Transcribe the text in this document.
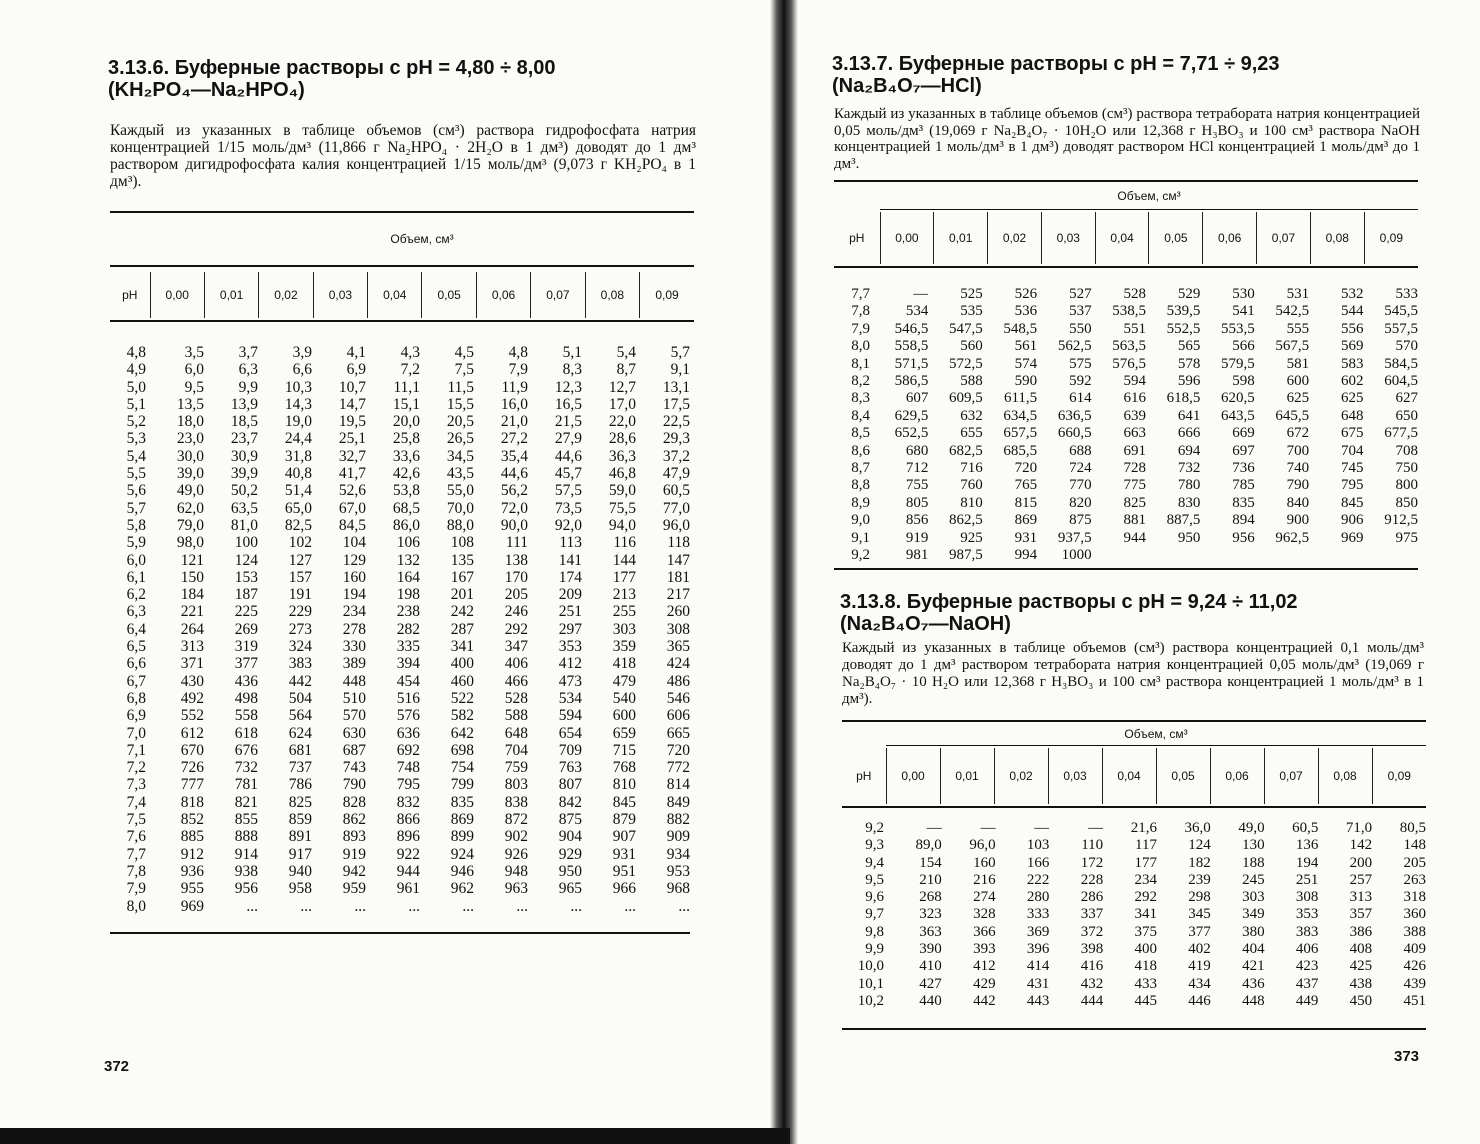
3.13.6. Буферные растворы с pH = 4,80 ÷ 8,00
(KH₂PO₄—Na₂HPO₄)
Каждый из указанных в таблице объемов (см³) раствора гидрофосфата натрия концентрацией 1/15 моль/дм³ (11,866 г Na₂HPO₄ · 2H₂O в 1 дм³) доводят до 1 дм³ раствором дигидрофосфата калия концентрацией 1/15 моль/дм³ (9,073 г KH₂PO₄ в 1 дм³).
Объем, см³
pH	0,00	0,01	0,02	0,03	0,04	0,05	0,06	0,07	0,08	0,09
4,8	3,5	3,7	3,9	4,1	4,3	4,5	4,8	5,1	5,4	5,7
4,9	6,0	6,3	6,6	6,9	7,2	7,5	7,9	8,3	8,7	9,1
5,0	9,5	9,9	10,3	10,7	11,1	11,5	11,9	12,3	12,7	13,1
5,1	13,5	13,9	14,3	14,7	15,1	15,5	16,0	16,5	17,0	17,5
5,2	18,0	18,5	19,0	19,5	20,0	20,5	21,0	21,5	22,0	22,5
5,3	23,0	23,7	24,4	25,1	25,8	26,5	27,2	27,9	28,6	29,3
5,4	30,0	30,9	31,8	32,7	33,6	34,5	35,4	44,6	36,3	37,2
5,5	39,0	39,9	40,8	41,7	42,6	43,5	44,6	45,7	46,8	47,9
5,6	49,0	50,2	51,4	52,6	53,8	55,0	56,2	57,5	59,0	60,5
5,7	62,0	63,5	65,0	67,0	68,5	70,0	72,0	73,5	75,5	77,0
5,8	79,0	81,0	82,5	84,5	86,0	88,0	90,0	92,0	94,0	96,0
5,9	98,0	100	102	104	106	108	111	113	116	118
6,0	121	124	127	129	132	135	138	141	144	147
6,1	150	153	157	160	164	167	170	174	177	181
6,2	184	187	191	194	198	201	205	209	213	217
6,3	221	225	229	234	238	242	246	251	255	260
6,4	264	269	273	278	282	287	292	297	303	308
6,5	313	319	324	330	335	341	347	353	359	365
6,6	371	377	383	389	394	400	406	412	418	424
6,7	430	436	442	448	454	460	466	473	479	486
6,8	492	498	504	510	516	522	528	534	540	546
6,9	552	558	564	570	576	582	588	594	600	606
7,0	612	618	624	630	636	642	648	654	659	665
7,1	670	676	681	687	692	698	704	709	715	720
7,2	726	732	737	743	748	754	759	763	768	772
7,3	777	781	786	790	795	799	803	807	810	814
7,4	818	821	825	828	832	835	838	842	845	849
7,5	852	855	859	862	866	869	872	875	879	882
7,6	885	888	891	893	896	899	902	904	907	909
7,7	912	914	917	919	922	924	926	929	931	934
7,8	936	938	940	942	944	946	948	950	951	953
7,9	955	956	958	959	961	962	963	965	966	968
8,0	969	...	...	...	...	...	...	...	...	...
372
3.13.7. Буферные растворы с pH = 7,71 ÷ 9,23
(Na₂B₄O₇—HCl)
Каждый из указанных в таблице объемов (см³) раствора тетрабората натрия концентрацией 0,05 моль/дм³ (19,069 г Na₂B₄O₇ · 10H₂O или 12,368 г H₃BO₃ и 100 см³ раствора NaOH концентрацией 1 моль/дм³ в 1 дм³) доводят раствором HCl концентрацией 1 моль/дм³ до 1 дм³.
Объем, см³
pH	0,00	0,01	0,02	0,03	0,04	0,05	0,06	0,07	0,08	0,09
7,7	—	525	526	527	528	529	530	531	532	533
7,8	534	535	536	537	538,5	539,5	541	542,5	544	545,5
7,9	546,5	547,5	548,5	550	551	552,5	553,5	555	556	557,5
8,0	558,5	560	561	562,5	563,5	565	566	567,5	569	570
8,1	571,5	572,5	574	575	576,5	578	579,5	581	583	584,5
8,2	586,5	588	590	592	594	596	598	600	602	604,5
8,3	607	609,5	611,5	614	616	618,5	620,5	625	625	627
8,4	629,5	632	634,5	636,5	639	641	643,5	645,5	648	650
8,5	652,5	655	657,5	660,5	663	666	669	672	675	677,5
8,6	680	682,5	685,5	688	691	694	697	700	704	708
8,7	712	716	720	724	728	732	736	740	745	750
8,8	755	760	765	770	775	780	785	790	795	800
8,9	805	810	815	820	825	830	835	840	845	850
9,0	856	862,5	869	875	881	887,5	894	900	906	912,5
9,1	919	925	931	937,5	944	950	956	962,5	969	975
9,2	981	987,5	994	1000						
3.13.8. Буферные растворы с pH = 9,24 ÷ 11,02
(Na₂B₄O₇—NaOH)
Каждый из указанных в таблице объемов (см³) раствора концентрацией 0,1 моль/дм³ доводят до 1 дм³ раствором тетрабората натрия концентрацией 0,05 моль/дм³ (19,069 г Na₂B₄O₇ · 10 H₂O или 12,368 г H₃BO₃ и 100 см³ раствора концентрацией 1 моль/дм³ в 1 дм³).
Объем, см³
pH	0,00	0,01	0,02	0,03	0,04	0,05	0,06	0,07	0,08	0,09
9,2	—	—	—	—	21,6	36,0	49,0	60,5	71,0	80,5
9,3	89,0	96,0	103	110	117	124	130	136	142	148
9,4	154	160	166	172	177	182	188	194	200	205
9,5	210	216	222	228	234	239	245	251	257	263
9,6	268	274	280	286	292	298	303	308	313	318
9,7	323	328	333	337	341	345	349	353	357	360
9,8	363	366	369	372	375	377	380	383	386	388
9,9	390	393	396	398	400	402	404	406	408	409
10,0	410	412	414	416	418	419	421	423	425	426
10,1	427	429	431	432	433	434	436	437	438	439
10,2	440	442	443	444	445	446	448	449	450	451
373
